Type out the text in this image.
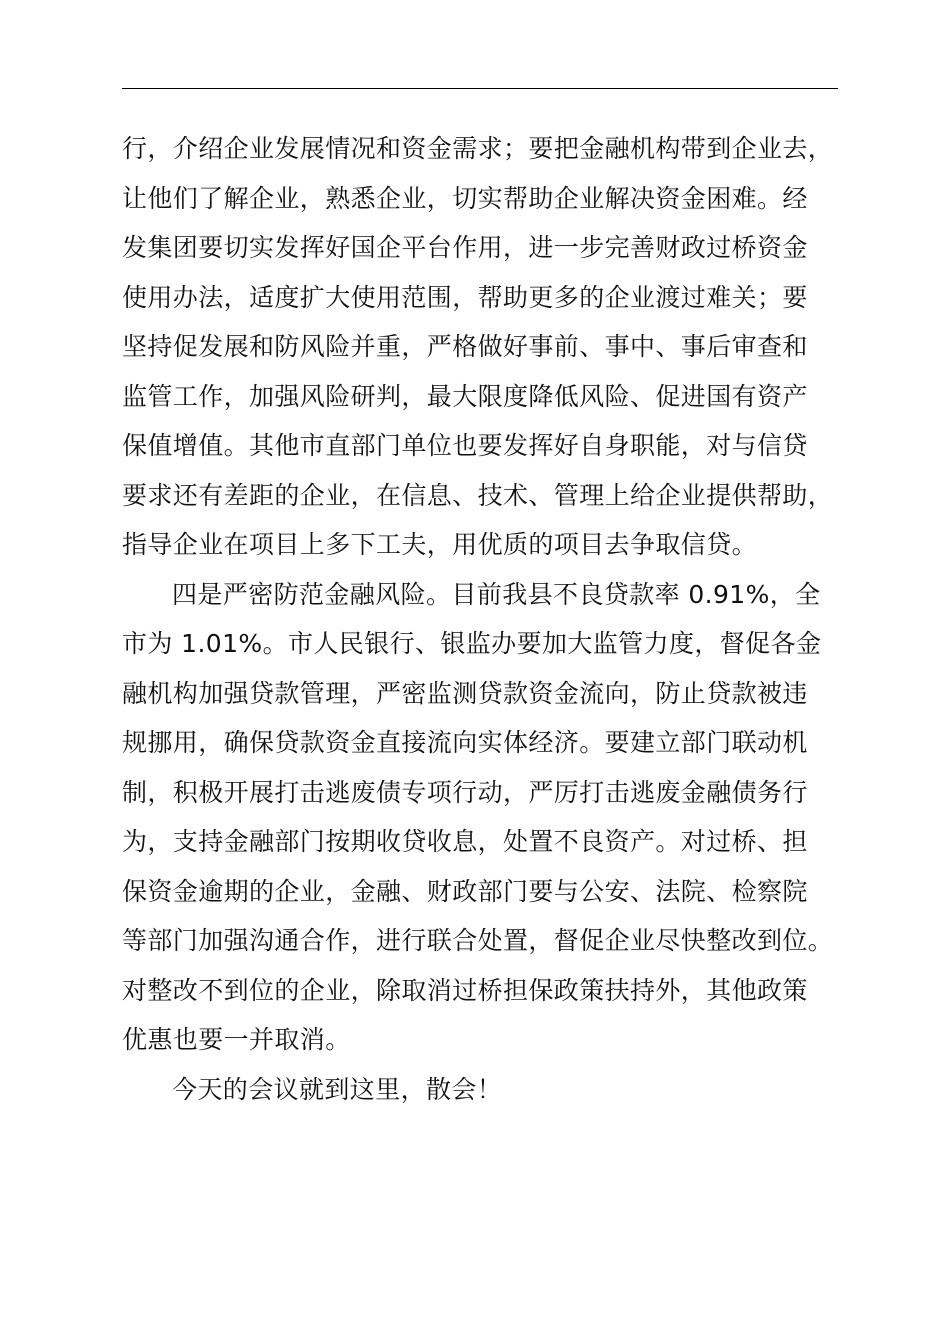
行，介绍企业发展情况和资金需求；要把金融机构带到企业去，
让他们了解企业，熟悉企业，切实帮助企业解决资金困难。经
发集团要切实发挥好国企平台作用，进一步完善财政过桥资金
使用办法，适度扩大使用范围，帮助更多的企业渡过难关；要
坚持促发展和防风险并重，严格做好事前、事中、事后审查和
监管工作，加强风险研判，最大限度降低风险、促进国有资产
保值增值。其他市直部门单位也要发挥好自身职能，对与信贷
要求还有差距的企业，在信息、技术、管理上给企业提供帮助，
指导企业在项目上多下工夫，用优质的项目去争取信贷。
四是严密防范金融风险。目前我县不良贷款率 0.91%，全
市为 1.01%。市人民银行、银监办要加大监管力度，督促各金
融机构加强贷款管理，严密监测贷款资金流向，防止贷款被违
规挪用，确保贷款资金直接流向实体经济。要建立部门联动机
制，积极开展打击逃废债专项行动，严厉打击逃废金融债务行
为，支持金融部门按期收贷收息，处置不良资产。对过桥、担
保资金逾期的企业，金融、财政部门要与公安、法院、检察院
等部门加强沟通合作，进行联合处置，督促企业尽快整改到位。
对整改不到位的企业，除取消过桥担保政策扶持外，其他政策
优惠也要一并取消。
今天的会议就到这里，散会！
